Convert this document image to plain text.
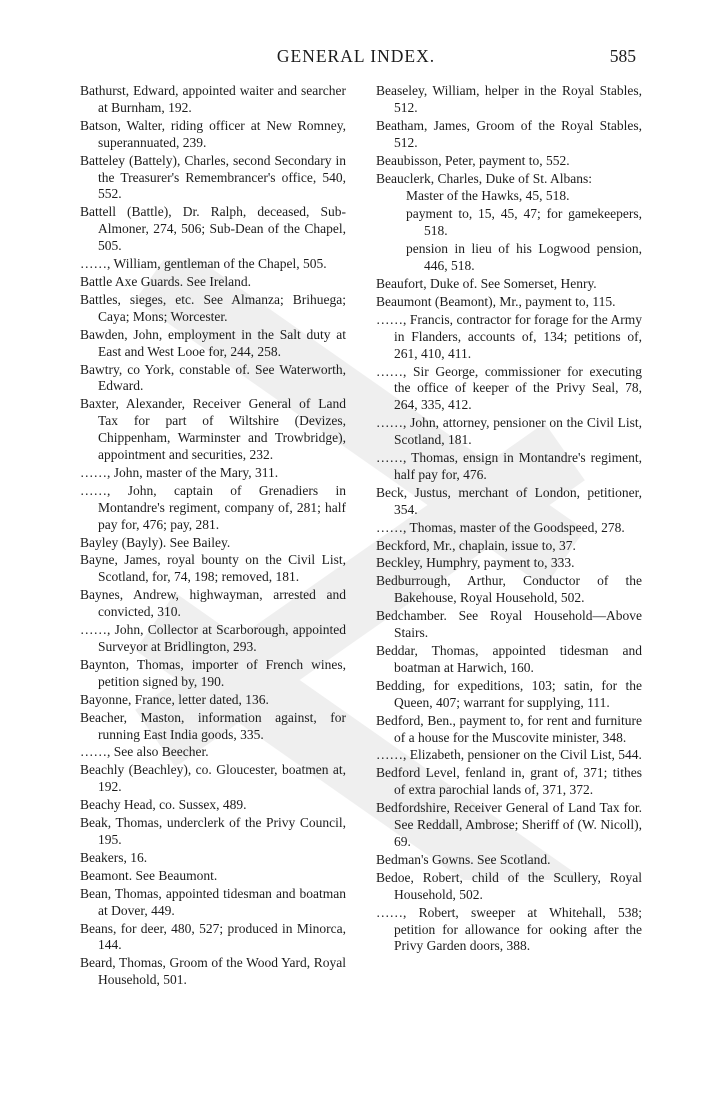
GENERAL INDEX.	585

Bathurst, Edward, appointed waiter and searcher at Burnham, 192.

Batson, Walter, riding officer at New Romney, superannuated, 239.

Batteley (Battely), Charles, second Secondary in the Treasurer's Remembrancer's office, 540, 552.

Battell (Battle), Dr. Ralph, deceased, Sub-Almoner, 274, 506; Sub-Dean of the Chapel, 505.

……, William, gentleman of the Chapel, 505.

Battle Axe Guards. See Ireland.

Battles, sieges, etc. See Almanza; Brihuega; Caya; Mons; Worcester.

Bawden, John, employment in the Salt duty at East and West Looe for, 244, 258.

Bawtry, co York, constable of. See Waterworth, Edward.

Baxter, Alexander, Receiver General of Land Tax for part of Wiltshire (Devizes, Chippenham, Warminster and Trowbridge), appointment and securities, 232.

……, John, master of the Mary, 311.

……, John, captain of Grenadiers in Montandre's regiment, company of, 281; half pay for, 476; pay, 281.

Bayley (Bayly). See Bailey.

Bayne, James, royal bounty on the Civil List, Scotland, for, 74, 198; removed, 181.

Baynes, Andrew, highwayman, arrested and convicted, 310.

……, John, Collector at Scarborough, appointed Surveyor at Bridlington, 293.

Baynton, Thomas, importer of French wines, petition signed by, 190.

Bayonne, France, letter dated, 136.

Beacher, Maston, information against, for running East India goods, 335.

……, See also Beecher.

Beachly (Beachley), co. Gloucester, boatmen at, 192.

Beachy Head, co. Sussex, 489.

Beak, Thomas, underclerk of the Privy Council, 195.

Beakers, 16.

Beamont. See Beaumont.

Bean, Thomas, appointed tidesman and boatman at Dover, 449.

Beans, for deer, 480, 527; produced in Minorca, 144.

Beard, Thomas, Groom of the Wood Yard, Royal Household, 501.

Beaseley, William, helper in the Royal Stables, 512.

Beatham, James, Groom of the Royal Stables, 512.

Beaubisson, Peter, payment to, 552.

Beauclerk, Charles, Duke of St. Albans:

Master of the Hawks, 45, 518.

payment to, 15, 45, 47; for gamekeepers, 518.

pension in lieu of his Logwood pension, 446, 518.

Beaufort, Duke of. See Somerset, Henry.

Beaumont (Beamont), Mr., payment to, 115.

……, Francis, contractor for forage for the Army in Flanders, accounts of, 134; petitions of, 261, 410, 411.

……, Sir George, commissioner for executing the office of keeper of the Privy Seal, 78, 264, 335, 412.

……, John, attorney, pensioner on the Civil List, Scotland, 181.

……, Thomas, ensign in Montandre's regiment, half pay for, 476.

Beck, Justus, merchant of London, petitioner, 354.

……, Thomas, master of the Goodspeed, 278.

Beckford, Mr., chaplain, issue to, 37.

Beckley, Humphry, payment to, 333.

Bedburrough, Arthur, Conductor of the Bakehouse, Royal Household, 502.

Bedchamber. See Royal Household—Above Stairs.

Beddar, Thomas, appointed tidesman and boatman at Harwich, 160.

Bedding, for expeditions, 103; satin, for the Queen, 407; warrant for supplying, 111.

Bedford, Ben., payment to, for rent and furniture of a house for the Muscovite minister, 348.

……, Elizabeth, pensioner on the Civil List, 544.

Bedford Level, fenland in, grant of, 371; tithes of extra parochial lands of, 371, 372.

Bedfordshire, Receiver General of Land Tax for. See Reddall, Ambrose; Sheriff of (W. Nicoll), 69.

Bedman's Gowns. See Scotland.

Bedoe, Robert, child of the Scullery, Royal Household, 502.

……, Robert, sweeper at Whitehall, 538; petition for allowance for ooking after the Privy Garden doors, 388.
